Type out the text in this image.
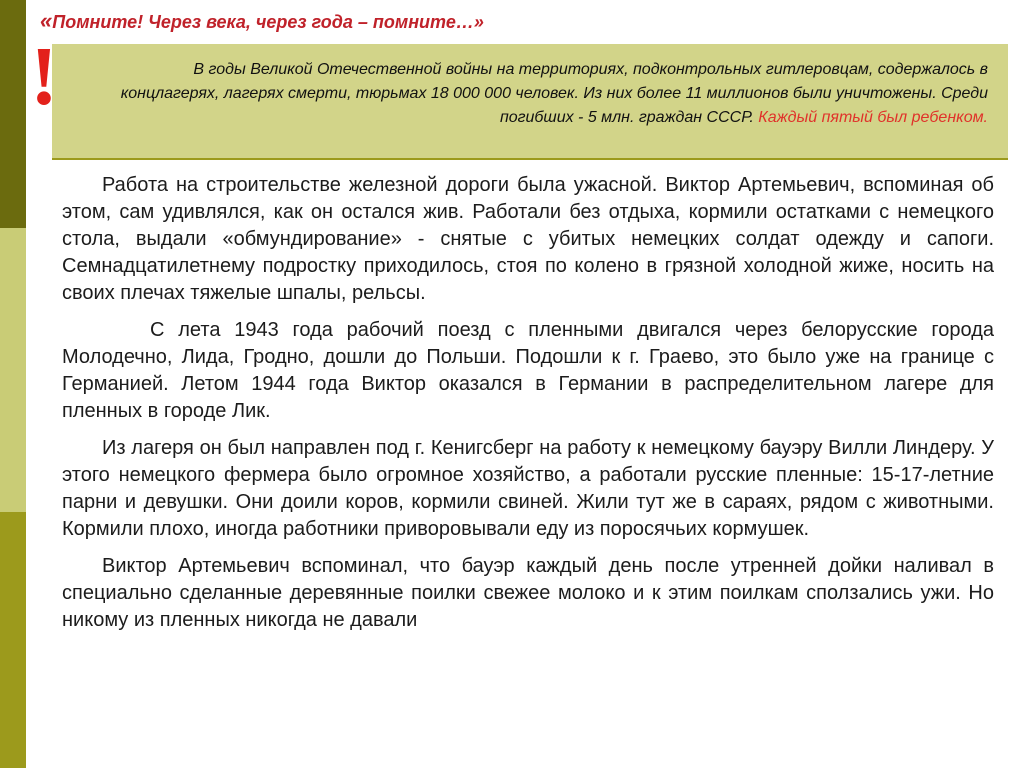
!
«Помните! Через века, через года – помните…»

В годы Великой Отечественной войны на территориях, подконтрольных гитлеровцам, содержалось в концлагерях, лагерях смерти, тюрьмах 18 000 000 человек. Из них более 11 миллионов были уничтожены. Среди погибших - 5 млн. граждан СССР. Каждый пятый был ребенком.

Работа на строительстве железной дороги была ужасной. Виктор Артемьевич, вспоминая об этом, сам удивлялся, как он остался жив. Работали без отдыха, кормили остатками с немецкого стола, выдали «обмундирование» - снятые с убитых немецких солдат одежду и сапоги. Семнадцатилетнему подростку приходилось, стоя по колено в грязной холодной жиже, носить на своих плечах тяжелые шпалы, рельсы.

С лета 1943 года рабочий поезд с пленными двигался через белорусские города Молодечно, Лида, Гродно, дошли до Польши. Подошли к г. Граево, это было уже на границе с Германией. Летом 1944 года Виктор оказался в Германии в распределительном лагере для пленных в городе Лик.

Из лагеря он был направлен под г. Кенигсберг на работу к немецкому бауэру Вилли Линдеру. У этого немецкого фермера было огромное хозяйство, а работали русские пленные: 15-17-летние парни и девушки. Они доили коров, кормили свиней. Жили тут же в сараях, рядом с животными. Кормили плохо, иногда работники приворовывали еду из поросячьих кормушек.

Виктор Артемьевич вспоминал, что бауэр каждый день после утренней дойки наливал в специально сделанные деревянные поилки свежее молоко и к этим поилкам сползались ужи. Но никому из пленных никогда не давали
